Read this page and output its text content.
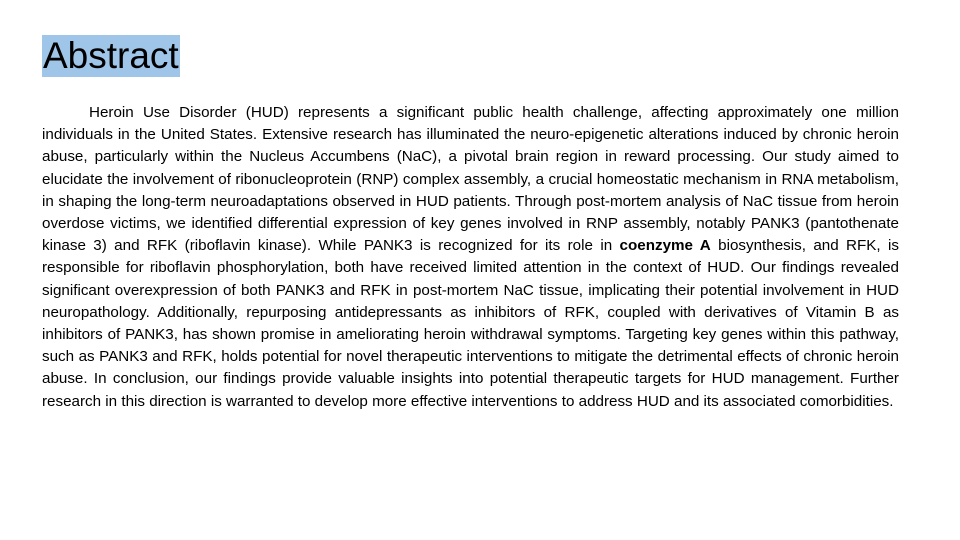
Abstract

Heroin Use Disorder (HUD) represents a significant public health challenge, affecting approximately one million individuals in the United States. Extensive research has illuminated the neuro-epigenetic alterations induced by chronic heroin abuse, particularly within the Nucleus Accumbens (NaC), a pivotal brain region in reward processing. Our study aimed to elucidate the involvement of ribonucleoprotein (RNP) complex assembly, a crucial homeostatic mechanism in RNA metabolism, in shaping the long-term neuroadaptations observed in HUD patients. Through post-mortem analysis of NaC tissue from heroin overdose victims, we identified differential expression of key genes involved in RNP assembly, notably PANK3 (pantothenate kinase 3) and RFK (riboflavin kinase). While PANK3 is recognized for its role in coenzyme A biosynthesis, and RFK, is responsible for riboflavin phosphorylation, both have received limited attention in the context of HUD. Our findings revealed significant overexpression of both PANK3 and RFK in post-mortem NaC tissue, implicating their potential involvement in HUD neuropathology. Additionally, repurposing antidepressants as inhibitors of RFK, coupled with derivatives of Vitamin B as inhibitors of PANK3, has shown promise in ameliorating heroin withdrawal symptoms. Targeting key genes within this pathway, such as PANK3 and RFK, holds potential for novel therapeutic interventions to mitigate the detrimental effects of chronic heroin abuse. In conclusion, our findings provide valuable insights into potential therapeutic targets for HUD management. Further research in this direction is warranted to develop more effective interventions to address HUD and its associated comorbidities.
